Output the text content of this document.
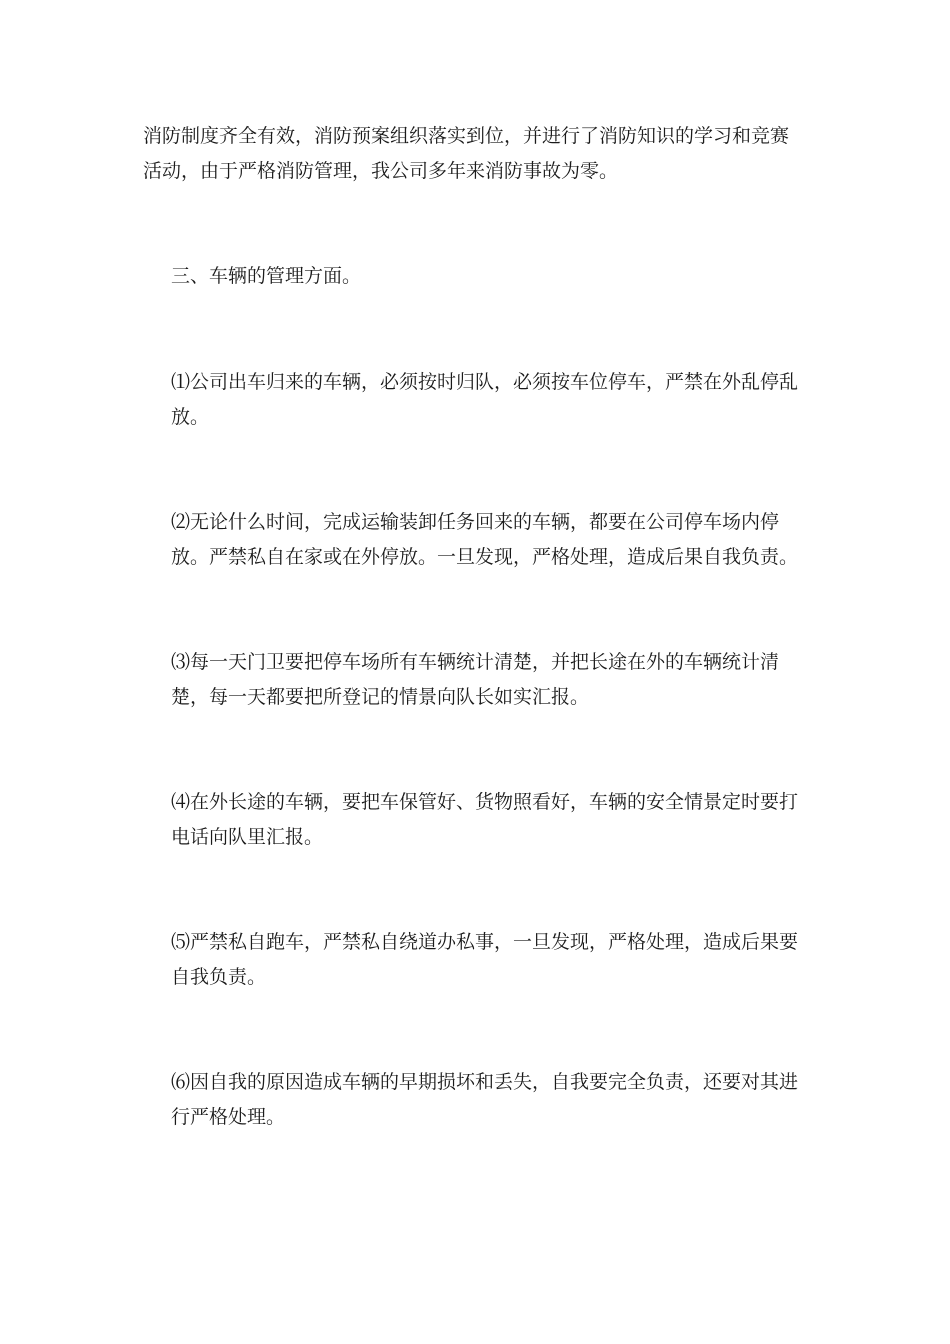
消防制度齐全有效，消防预案组织落实到位，并进行了消防知识的学习和竞赛活动，由于严格消防管理，我公司多年来消防事故为零。

三、车辆的管理方面。

⑴公司出车归来的车辆，必须按时归队，必须按车位停车，严禁在外乱停乱放。

⑵无论什么时间，完成运输装卸任务回来的车辆，都要在公司停车场内停放。严禁私自在家或在外停放。一旦发现，严格处理，造成后果自我负责。

⑶每一天门卫要把停车场所有车辆统计清楚，并把长途在外的车辆统计清楚，每一天都要把所登记的情景向队长如实汇报。

⑷在外长途的车辆，要把车保管好、货物照看好，车辆的安全情景定时要打电话向队里汇报。

⑸严禁私自跑车，严禁私自绕道办私事，一旦发现，严格处理，造成后果要自我负责。

⑹因自我的原因造成车辆的早期损坏和丢失，自我要完全负责，还要对其进行严格处理。
